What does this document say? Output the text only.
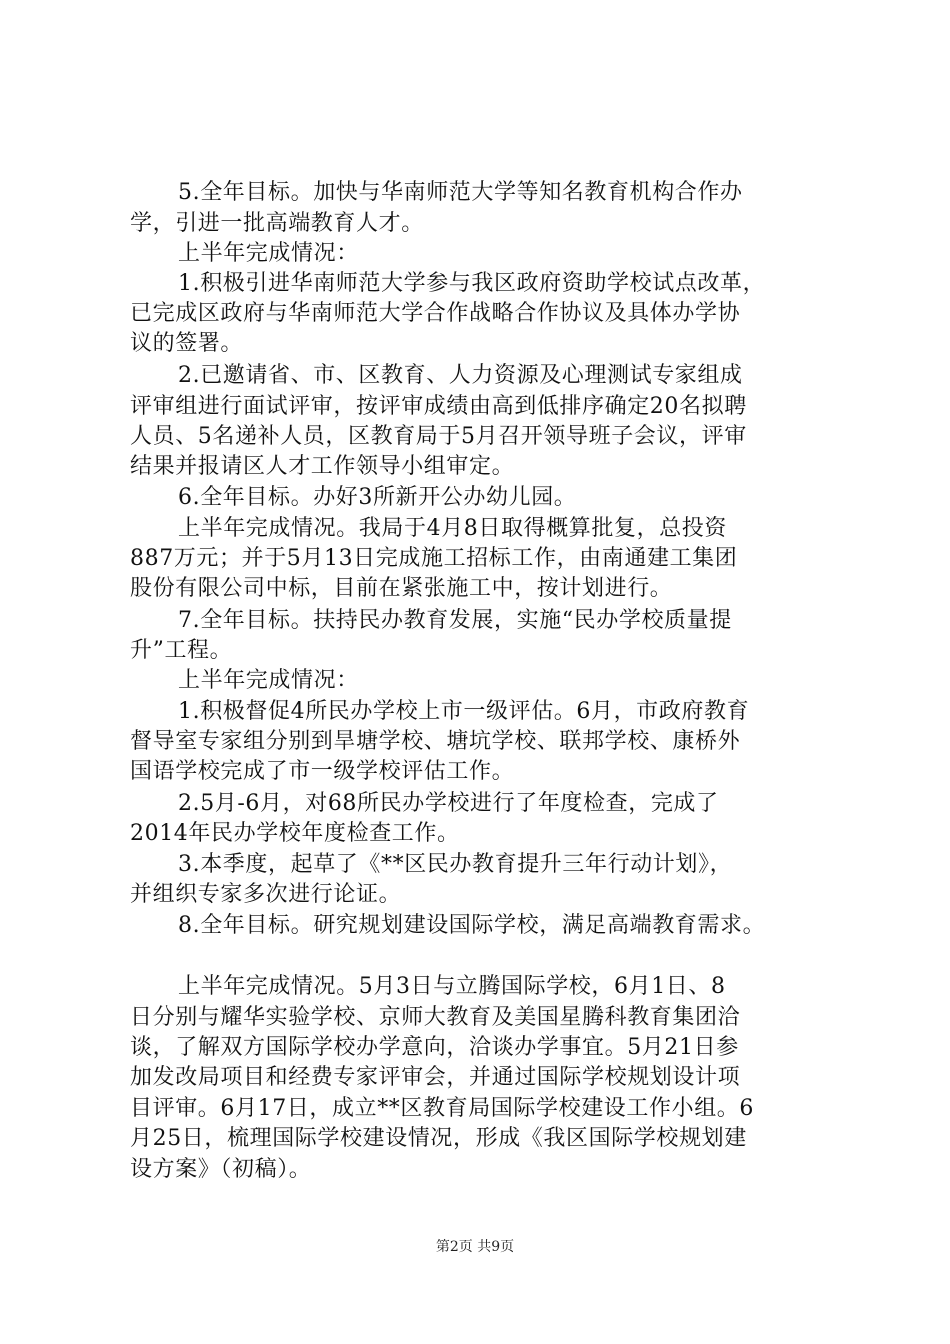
5.全年目标。加快与华南师范大学等知名教育机构合作办
学，引进一批高端教育人才。
上半年完成情况：
1.积极引进华南师范大学参与我区政府资助学校试点改革，
已完成区政府与华南师范大学合作战略合作协议及具体办学协
议的签署。
2.已邀请省、市、区教育、人力资源及心理测试专家组成
评审组进行面试评审，按评审成绩由高到低排序确定20名拟聘
人员、5名递补人员，区教育局于5月召开领导班子会议，评审
结果并报请区人才工作领导小组审定。
6.全年目标。办好3所新开公办幼儿园。
上半年完成情况。我局于4月8日取得概算批复，总投资
887万元；并于5月13日完成施工招标工作，由南通建工集团
股份有限公司中标，目前在紧张施工中，按计划进行。
7.全年目标。扶持民办教育发展，实施“民办学校质量提
升”工程。
上半年完成情况：
1.积极督促4所民办学校上市一级评估。6月，市政府教育
督导室专家组分别到旱塘学校、塘坑学校、联邦学校、康桥外
国语学校完成了市一级学校评估工作。
2.5月-6月，对68所民办学校进行了年度检查，完成了
2014年民办学校年度检查工作。
3.本季度，起草了《**区民办教育提升三年行动计划》，
并组织专家多次进行论证。
8.全年目标。研究规划建设国际学校，满足高端教育需求。
上半年完成情况。5月3日与立腾国际学校，6月1日、8
日分别与耀华实验学校、京师大教育及美国星腾科教育集团洽
谈，了解双方国际学校办学意向，洽谈办学事宜。5月21日参
加发改局项目和经费专家评审会，并通过国际学校规划设计项
目评审。6月17日，成立**区教育局国际学校建设工作小组。6
月25日，梳理国际学校建设情况，形成《我区国际学校规划建
设方案》（初稿）。
第2页 共9页
